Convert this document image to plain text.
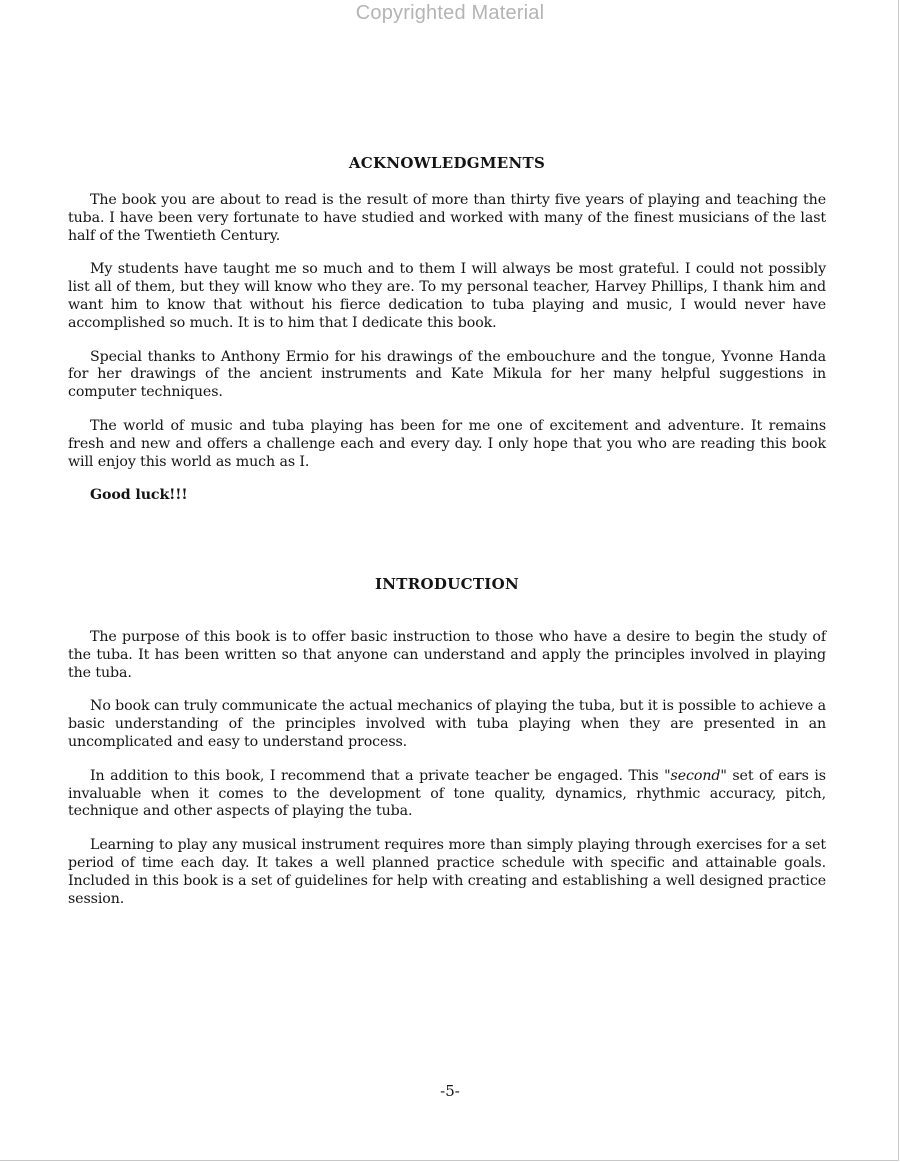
Copyrighted Material
ACKNOWLEDGMENTS

The book you are about to read is the result of more than thirty five years of playing and teaching the tuba. I have been very fortunate to have studied and worked with many of the finest musicians of the last half of the Twentieth Century.

My students have taught me so much and to them I will always be most grateful. I could not possibly list all of them, but they will know who they are. To my personal teacher, Harvey Phillips, I thank him and want him to know that without his fierce dedication to tuba playing and music, I would never have accomplished so much. It is to him that I dedicate this book.

Special thanks to Anthony Ermio for his drawings of the embouchure and the tongue, Yvonne Handa for her drawings of the ancient instruments and Kate Mikula for her many helpful suggestions in computer techniques.

The world of music and tuba playing has been for me one of excitement and adventure. It remains fresh and new and offers a challenge each and every day. I only hope that you who are reading this book will enjoy this world as much as I.

Good luck!!!

INTRODUCTION

The purpose of this book is to offer basic instruction to those who have a desire to begin the study of the tuba. It has been written so that anyone can understand and apply the principles involved in playing the tuba.

No book can truly communicate the actual mechanics of playing the tuba, but it is possible to achieve a basic understanding of the principles involved with tuba playing when they are presented in an uncomplicated and easy to understand process.

In addition to this book, I recommend that a private teacher be engaged. This "second" set of ears is invaluable when it comes to the development of tone quality, dynamics, rhythmic accuracy, pitch, technique and other aspects of playing the tuba.

Learning to play any musical instrument requires more than simply playing through exercises for a set period of time each day. It takes a well planned practice schedule with specific and attainable goals. Included in this book is a set of guidelines for help with creating and establishing a well designed practice session.

-5-
